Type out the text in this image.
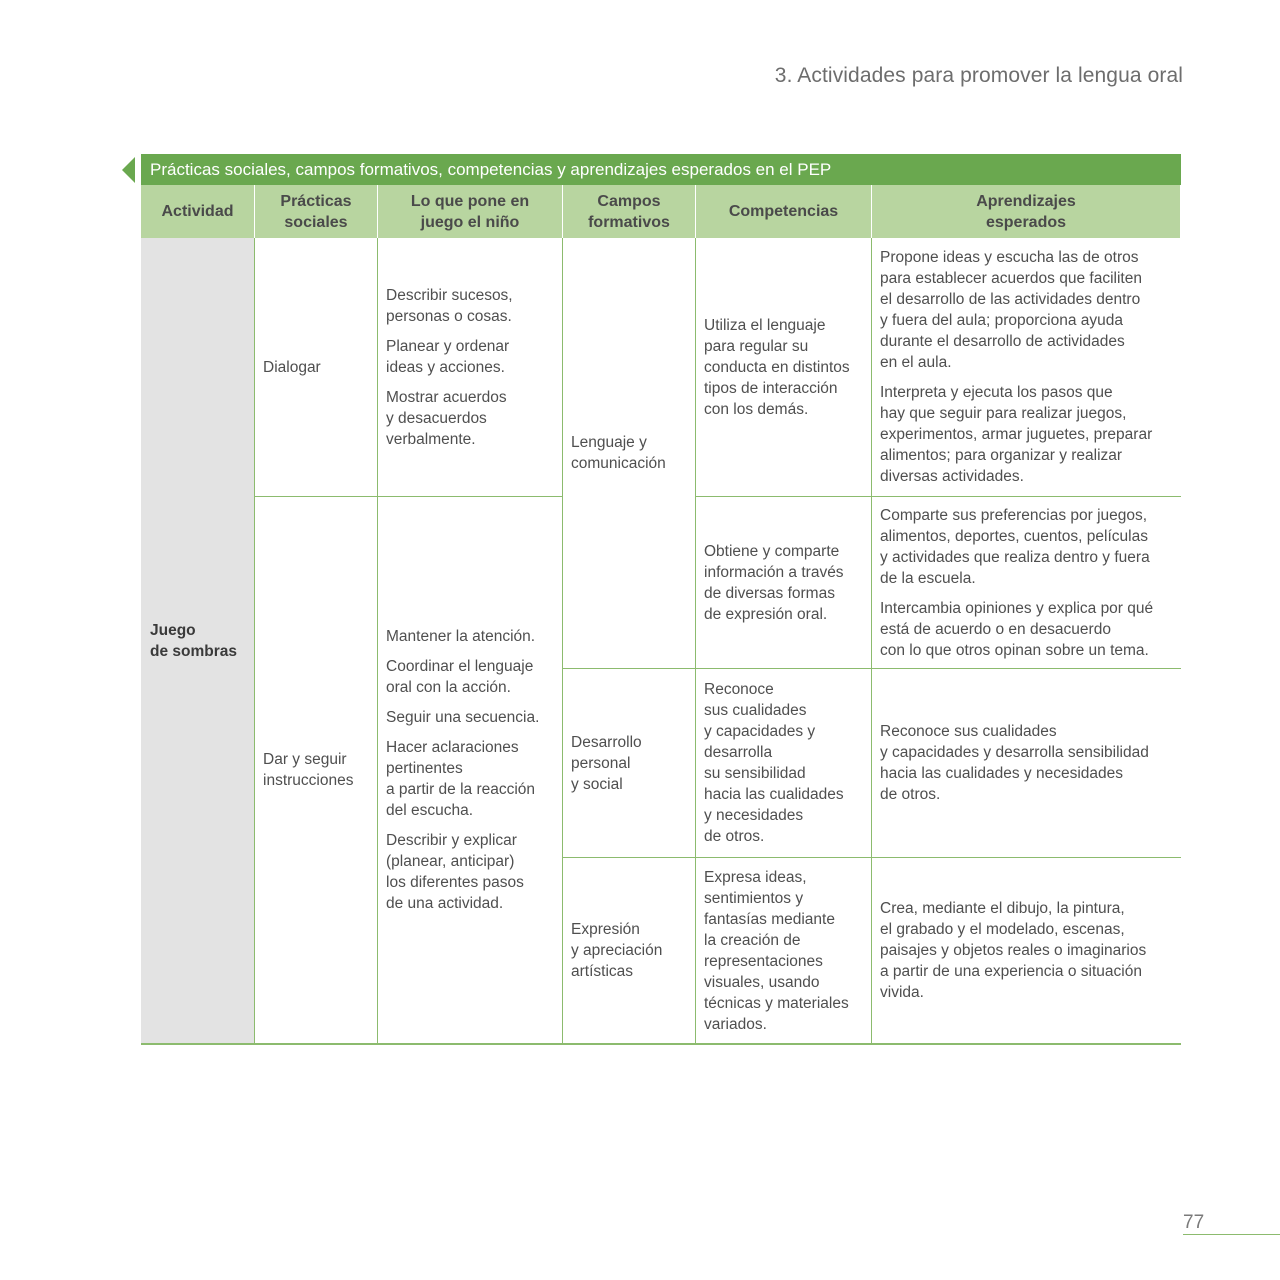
3. Actividades para promover la lengua oral
Prácticas sociales, campos formativos, competencias y aprendizajes esperados en el PEP
Actividad
Prácticas
sociales
Lo que pone en
juego el niño
Campos
formativos
Competencias
Aprendizajes
esperados
Juego
de sombras
Dialogar
Dar y seguir
instrucciones

Describir sucesos,
personas o cosas.

Planear y ordenar
ideas y acciones.

Mostrar acuerdos
y desacuerdos
verbalmente.

Mantener la atención.

Coordinar el lenguaje
oral con la acción.

Seguir una secuencia.

Hacer aclaraciones
pertinentes
a partir de la reacción
del escucha.

Describir y explicar
(planear, anticipar)
los diferentes pasos
de una actividad.

Lenguaje y
comunicación
Desarrollo
personal
y social
Expresión
y apreciación
artísticas
Utiliza el lenguaje
para regular su
conducta en distintos
tipos de interacción
con los demás.
Obtiene y comparte
información a través
de diversas formas
de expresión oral.
Reconoce
sus cualidades
y capacidades y
desarrolla
su sensibilidad
hacia las cualidades
y necesidades
de otros.
Expresa ideas,
sentimientos y
fantasías mediante
la creación de
representaciones
visuales, usando
técnicas y materiales
variados.

Propone ideas y escucha las de otros
para establecer acuerdos que faciliten
el desarrollo de las actividades dentro
y fuera del aula; proporciona ayuda
durante el desarrollo de actividades
en el aula.

Interpreta y ejecuta los pasos que
hay que seguir para realizar juegos,
experimentos, armar juguetes, preparar
alimentos; para organizar y realizar
diversas actividades.

Comparte sus preferencias por juegos,
alimentos, deportes, cuentos, películas
y actividades que realiza dentro y fuera
de la escuela.

Intercambia opiniones y explica por qué
está de acuerdo o en desacuerdo
con lo que otros opinan sobre un tema.

Reconoce sus cualidades
y capacidades y desarrolla sensibilidad
hacia las cualidades y necesidades
de otros.

Crea, mediante el dibujo, la pintura,
el grabado y el modelado, escenas,
paisajes y objetos reales o imaginarios
a partir de una experiencia o situación
vivida.

77
